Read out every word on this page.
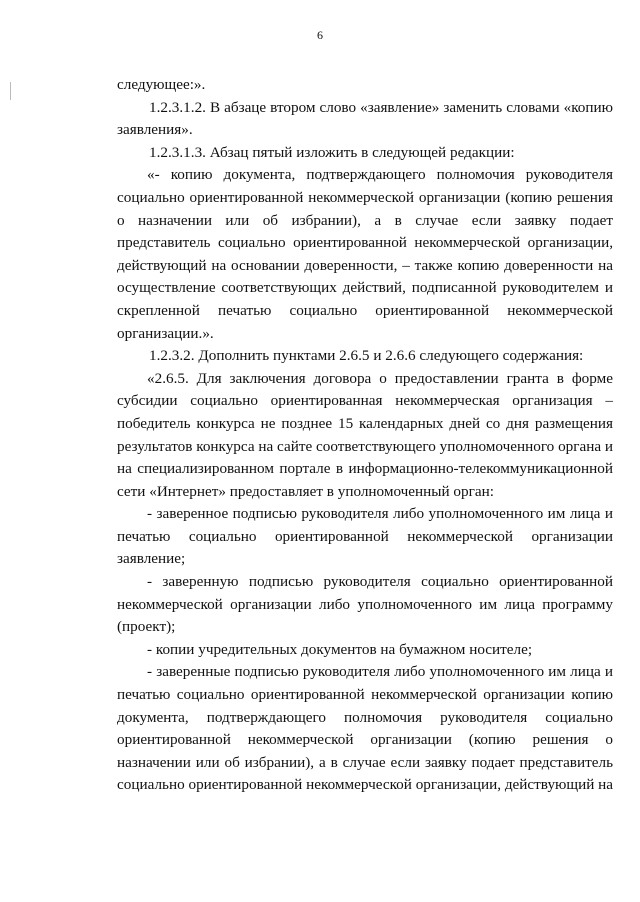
6

следующее:».

1.2.3.1.2. В абзаце втором слово «заявление» заменить словами «копию заявления».

1.2.3.1.3. Абзац пятый изложить в следующей редакции:

«- копию документа, подтверждающего полномочия руководителя социально ориентированной некоммерческой организации (копию решения о назначении или об избрании), а в случае если заявку подает представитель социально ориентированной некоммерческой организации, действующий на основании доверенности, – также копию доверенности на осуществление соответствующих действий, подписанной руководителем и скрепленной печатью социально ориентированной некоммерческой организации.».

1.2.3.2. Дополнить пунктами 2.6.5 и 2.6.6 следующего содержания:

«2.6.5. Для заключения договора о предоставлении гранта в форме субсидии социально ориентированная некоммерческая организация – победитель конкурса не позднее 15 календарных дней со дня размещения результатов конкурса на сайте соответствующего уполномоченного органа и на специализированном портале в информационно-телекоммуникационной сети «Интернет» предоставляет в уполномоченный орган:

- заверенное подписью руководителя либо уполномоченного им лица и печатью социально ориентированной некоммерческой организации заявление;

- заверенную подписью руководителя социально ориентированной некоммерческой организации либо уполномоченного им лица программу (проект);

- копии учредительных документов на бумажном носителе;

- заверенные подписью руководителя либо уполномоченного им лица и печатью социально ориентированной некоммерческой организации копию документа, подтверждающего полномочия руководителя социально ориентированной некоммерческой организации (копию решения о назначении или об избрании), а в случае если заявку подает представитель социально ориентированной некоммерческой организации, действующий на
